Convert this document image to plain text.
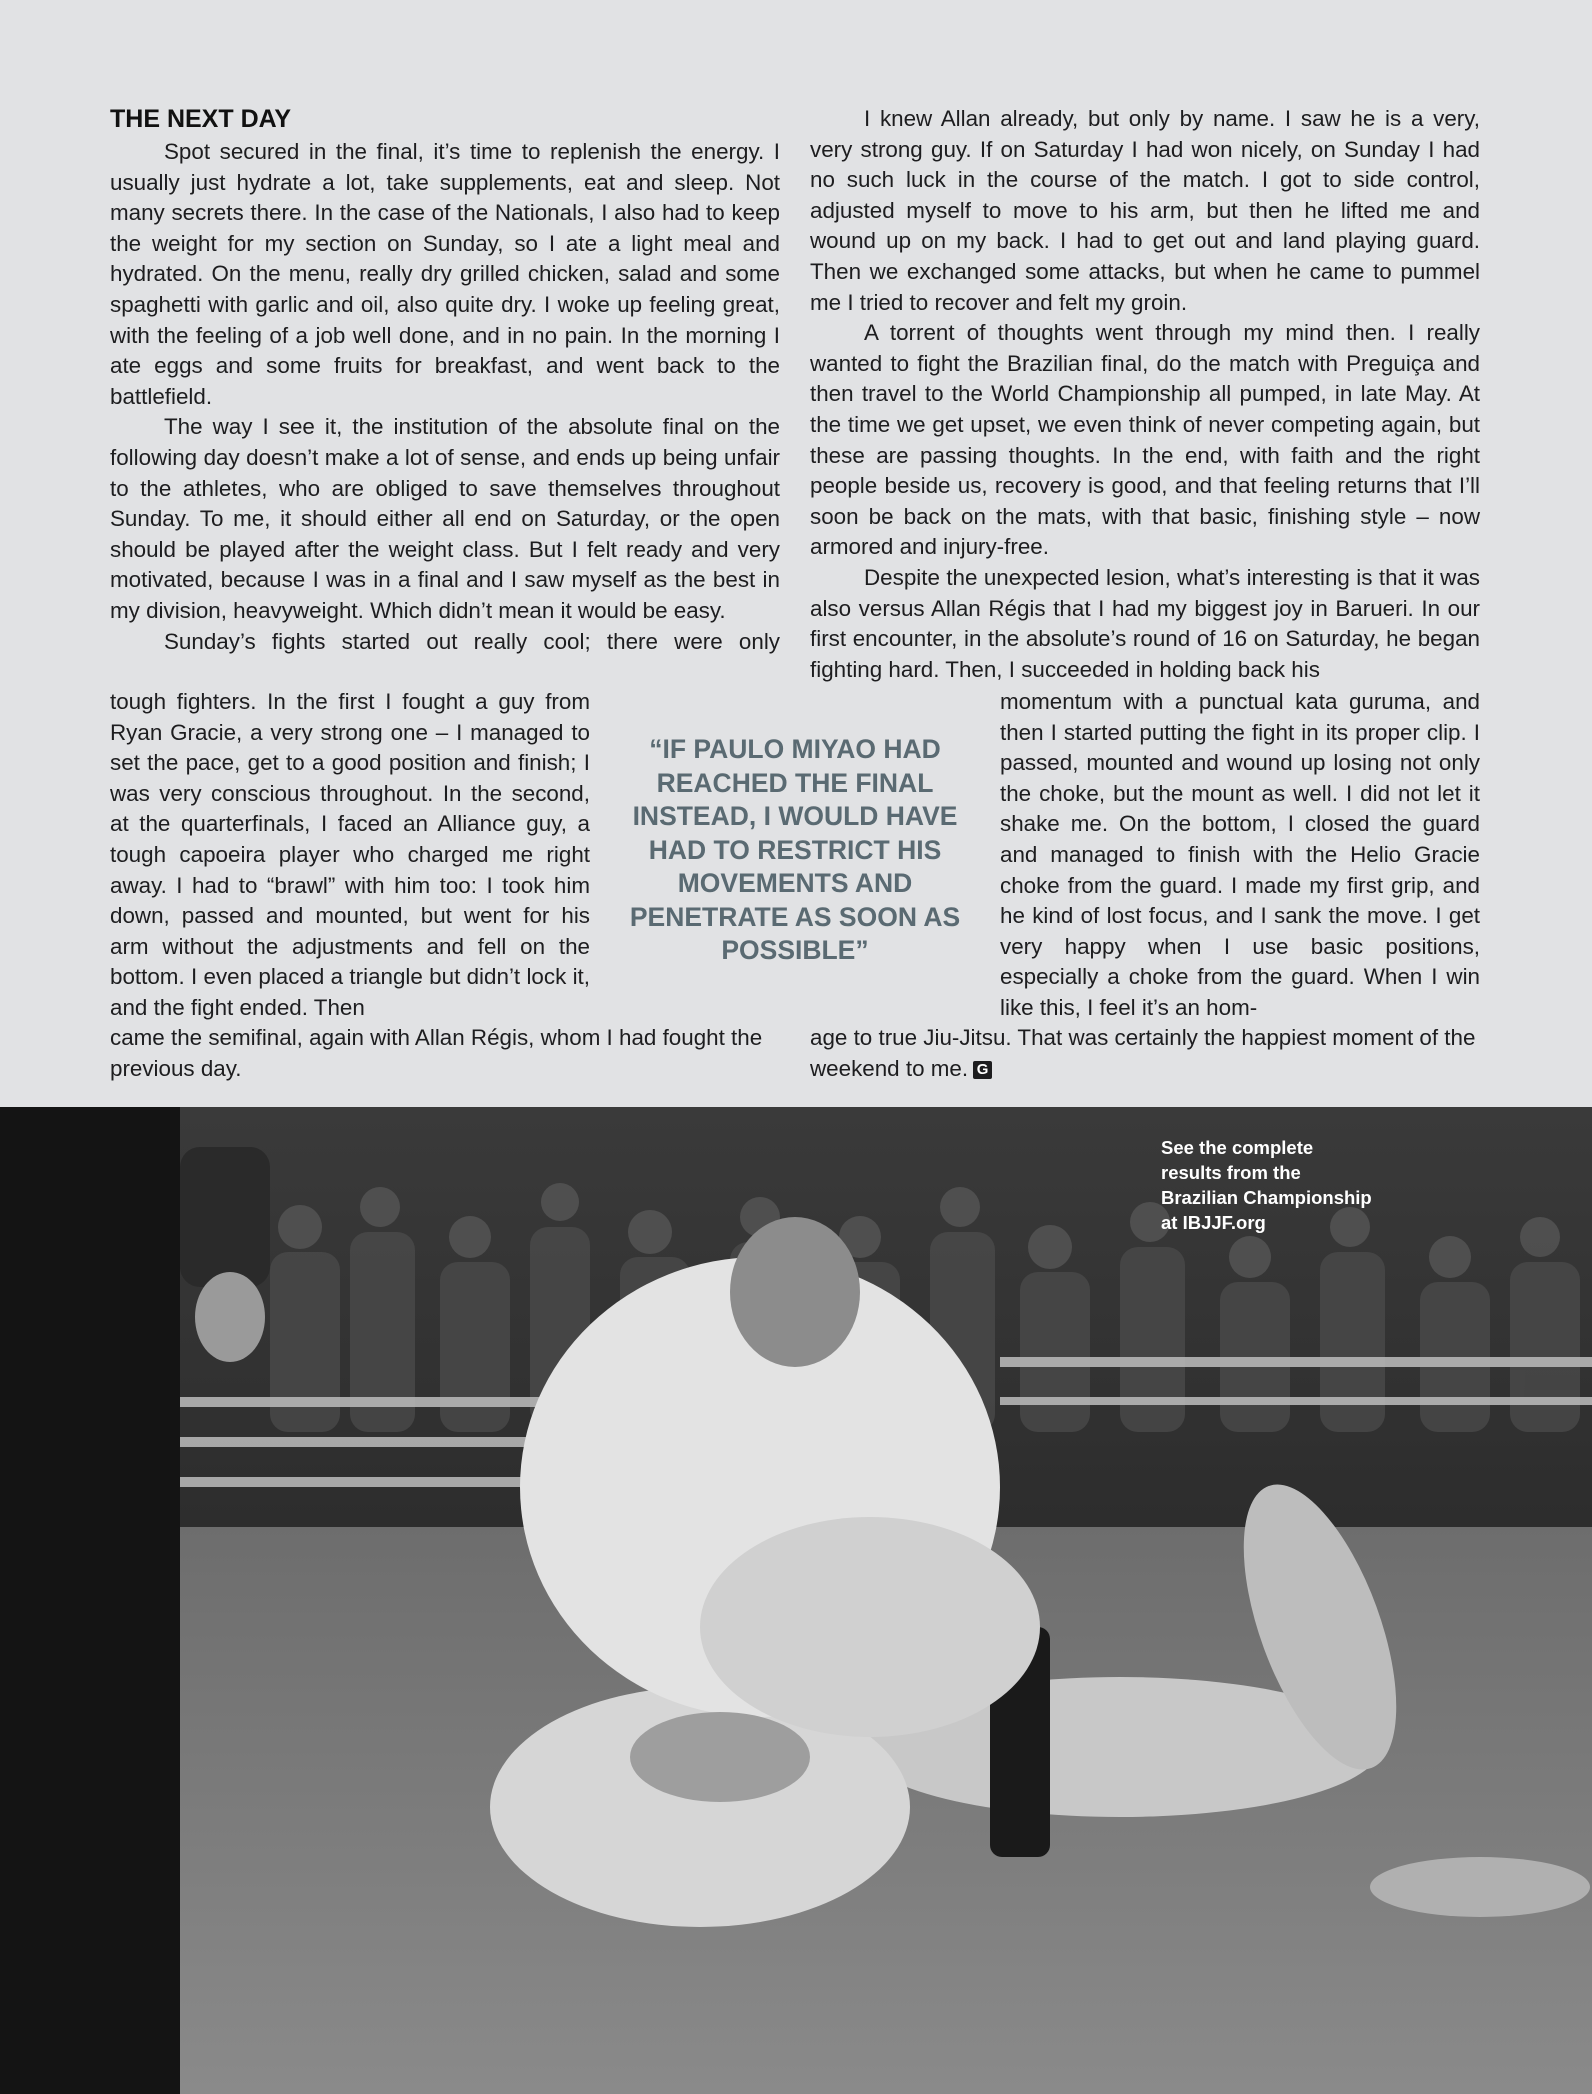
THE NEXT DAY

Spot secured in the final, it’s time to replenish the energy. I usually just hydrate a lot, take supplements, eat and sleep. Not many secrets there. In the case of the Nationals, I also had to keep the weight for my section on Sunday, so I ate a light meal and hydrated. On the menu, really dry grilled chicken, salad and some spaghetti with garlic and oil, also quite dry. I woke up feeling great, with the feeling of a job well done, and in no pain. In the morning I ate eggs and some fruits for breakfast, and went back to the battlefield.

The way I see it, the institution of the absolute final on the following day doesn’t make a lot of sense, and ends up being unfair to the athletes, who are obliged to save themselves throughout Sunday. To me, it should either all end on Saturday, or the open should be played after the weight class. But I felt ready and very motivated, because I was in a final and I saw myself as the best in my division, heavyweight. Which didn’t mean it would be easy.

Sunday’s fights started out really cool; there were only

tough fighters. In the first I fought a guy from Ryan Gracie, a very strong one – I managed to set the pace, get to a good position and finish; I was very conscious throughout. In the second, at the quarterfinals, I faced an Alliance guy, a tough capoeira player who charged me right away. I had to “brawl” with him too: I took him down, passed and mounted, but went for his arm without the adjustments and fell on the bottom. I even placed a triangle but didn’t lock it, and the fight ended. Then

came the semifinal, again with Allan Régis, whom I had fought the previous day.

I knew Allan already, but only by name. I saw he is a very, very strong guy. If on Saturday I had won nicely, on Sunday I had no such luck in the course of the match. I got to side control, adjusted myself to move to his arm, but then he lifted me and wound up on my back. I had to get out and land playing guard. Then we exchanged some attacks, but when he came to pummel me I tried to recover and felt my groin.

A torrent of thoughts went through my mind then. I really wanted to fight the Brazilian final, do the match with Preguiça and then travel to the World Championship all pumped, in late May. At the time we get upset, we even think of never competing again, but these are passing thoughts. In the end, with faith and the right people beside us, recovery is good, and that feeling returns that I’ll soon be back on the mats, with that basic, finishing style – now armored and injury-free.

Despite the unexpected lesion, what’s interesting is that it was also versus Allan Régis that I had my biggest joy in Barueri. In our first encounter, in the absolute’s round of 16 on Saturday, he began fighting hard. Then, I succeeded in holding back his

momentum with a punctual kata guruma, and then I started putting the fight in its proper clip. I passed, mounted and wound up losing not only the choke, but the mount as well. I did not let it shake me. On the bottom, I closed the guard and managed to finish with the Helio Gracie choke from the guard. I made my first grip, and he kind of lost focus, and I sank the move. I get very happy when I use basic positions, especially a choke from the guard. When I win like this, I feel it’s an hom-

age to true Jiu-Jitsu. That was certainly the happiest moment of the weekend to me. G

“IF PAULO MIYAO HAD REACHED THE FINAL INSTEAD, I WOULD HAVE HAD TO RESTRICT HIS MOVEMENTS AND PENETRATE AS SOON AS POSSIBLE”

See the complete
results from the
Brazilian Championship
at IBJJF.org
